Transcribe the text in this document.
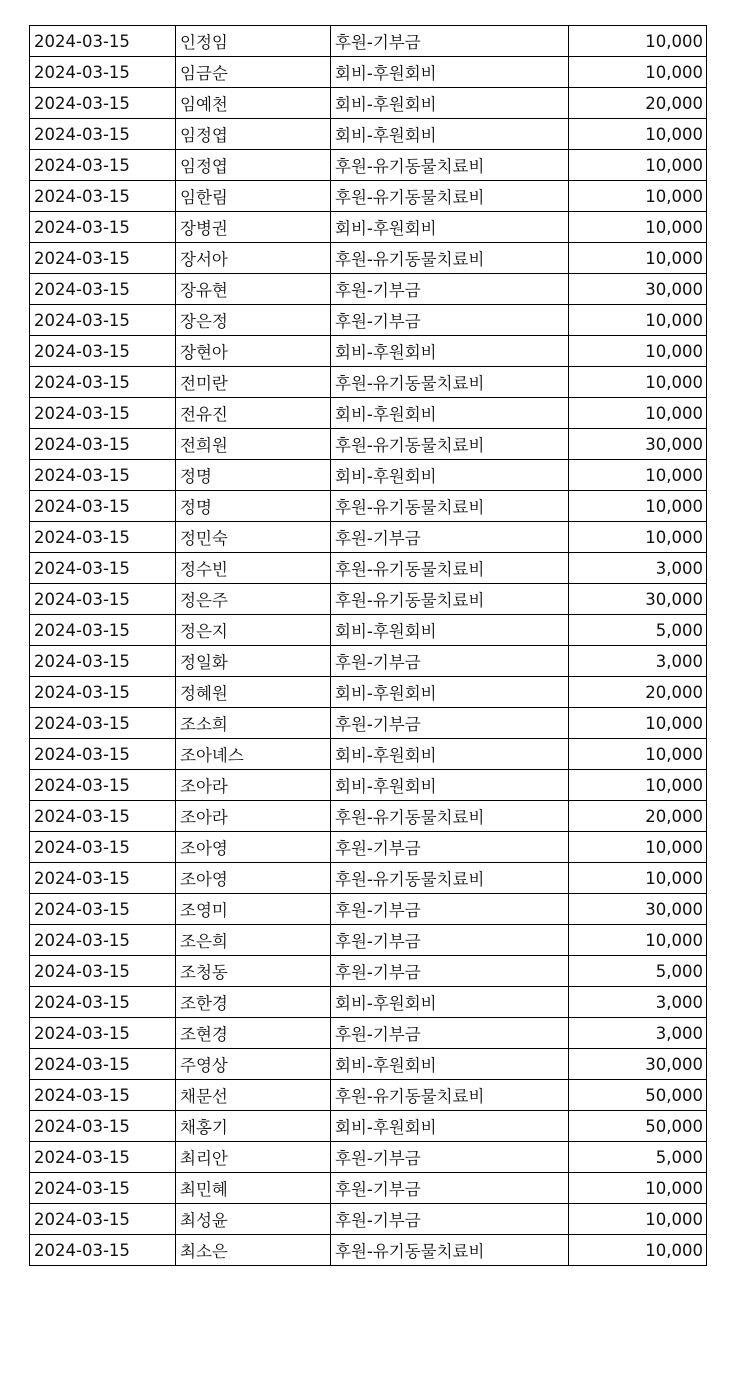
2024-03-15	인정임	후원-기부금	10,000
2024-03-15	임금순	회비-후원회비	10,000
2024-03-15	임예천	회비-후원회비	20,000
2024-03-15	임정엽	회비-후원회비	10,000
2024-03-15	임정엽	후원-유기동물치료비	10,000
2024-03-15	임한림	후원-유기동물치료비	10,000
2024-03-15	장병권	회비-후원회비	10,000
2024-03-15	장서아	후원-유기동물치료비	10,000
2024-03-15	장유현	후원-기부금	30,000
2024-03-15	장은정	후원-기부금	10,000
2024-03-15	장현아	회비-후원회비	10,000
2024-03-15	전미란	후원-유기동물치료비	10,000
2024-03-15	전유진	회비-후원회비	10,000
2024-03-15	전희원	후원-유기동물치료비	30,000
2024-03-15	정명	회비-후원회비	10,000
2024-03-15	정명	후원-유기동물치료비	10,000
2024-03-15	정민숙	후원-기부금	10,000
2024-03-15	정수빈	후원-유기동물치료비	3,000
2024-03-15	정은주	후원-유기동물치료비	30,000
2024-03-15	정은지	회비-후원회비	5,000
2024-03-15	정일화	후원-기부금	3,000
2024-03-15	정혜원	회비-후원회비	20,000
2024-03-15	조소희	후원-기부금	10,000
2024-03-15	조아녜스	회비-후원회비	10,000
2024-03-15	조아라	회비-후원회비	10,000
2024-03-15	조아라	후원-유기동물치료비	20,000
2024-03-15	조아영	후원-기부금	10,000
2024-03-15	조아영	후원-유기동물치료비	10,000
2024-03-15	조영미	후원-기부금	30,000
2024-03-15	조은희	후원-기부금	10,000
2024-03-15	조청동	후원-기부금	5,000
2024-03-15	조한경	회비-후원회비	3,000
2024-03-15	조현경	후원-기부금	3,000
2024-03-15	주영상	회비-후원회비	30,000
2024-03-15	채문선	후원-유기동물치료비	50,000
2024-03-15	채홍기	회비-후원회비	50,000
2024-03-15	최리안	후원-기부금	5,000
2024-03-15	최민혜	후원-기부금	10,000
2024-03-15	최성윤	후원-기부금	10,000
2024-03-15	최소은	후원-유기동물치료비	10,000
